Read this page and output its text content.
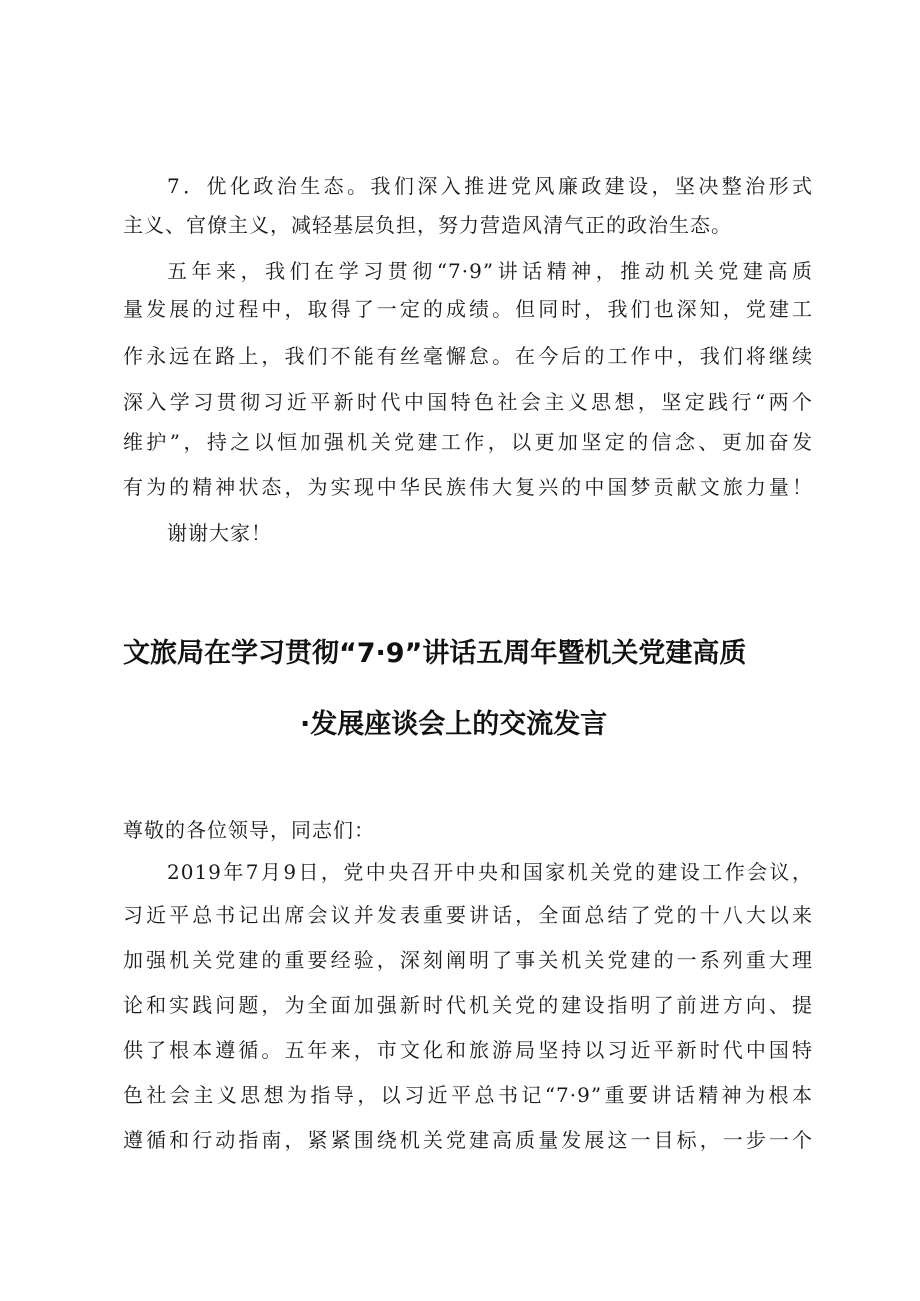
7．优化政治生态。我们深入推进党风廉政建设，坚决整治形式
主义、官僚主义，减轻基层负担，努力营造风清气正的政治生态。
五年来，我们在学习贯彻“7·9”讲话精神，推动机关党建高质
量发展的过程中，取得了一定的成绩。但同时，我们也深知，党建工
作永远在路上，我们不能有丝毫懈怠。在今后的工作中，我们将继续
深入学习贯彻习近平新时代中国特色社会主义思想，坚定践行“两个
维护”，持之以恒加强机关党建工作，以更加坚定的信念、更加奋发
有为的精神状态，为实现中华民族伟大复兴的中国梦贡献文旅力量！
谢谢大家！
文旅局在学习贯彻“7·9”讲话五周年暨机关党建高质
·发展座谈会上的交流发言
尊敬的各位领导，同志们：
2019年7月9日，党中央召开中央和国家机关党的建设工作会议，
习近平总书记出席会议并发表重要讲话，全面总结了党的十八大以来
加强机关党建的重要经验，深刻阐明了事关机关党建的一系列重大理
论和实践问题，为全面加强新时代机关党的建设指明了前进方向、提
供了根本遵循。五年来，市文化和旅游局坚持以习近平新时代中国特
色社会主义思想为指导，以习近平总书记“7·9”重要讲话精神为根本
遵循和行动指南，紧紧围绕机关党建高质量发展这一目标，一步一个
